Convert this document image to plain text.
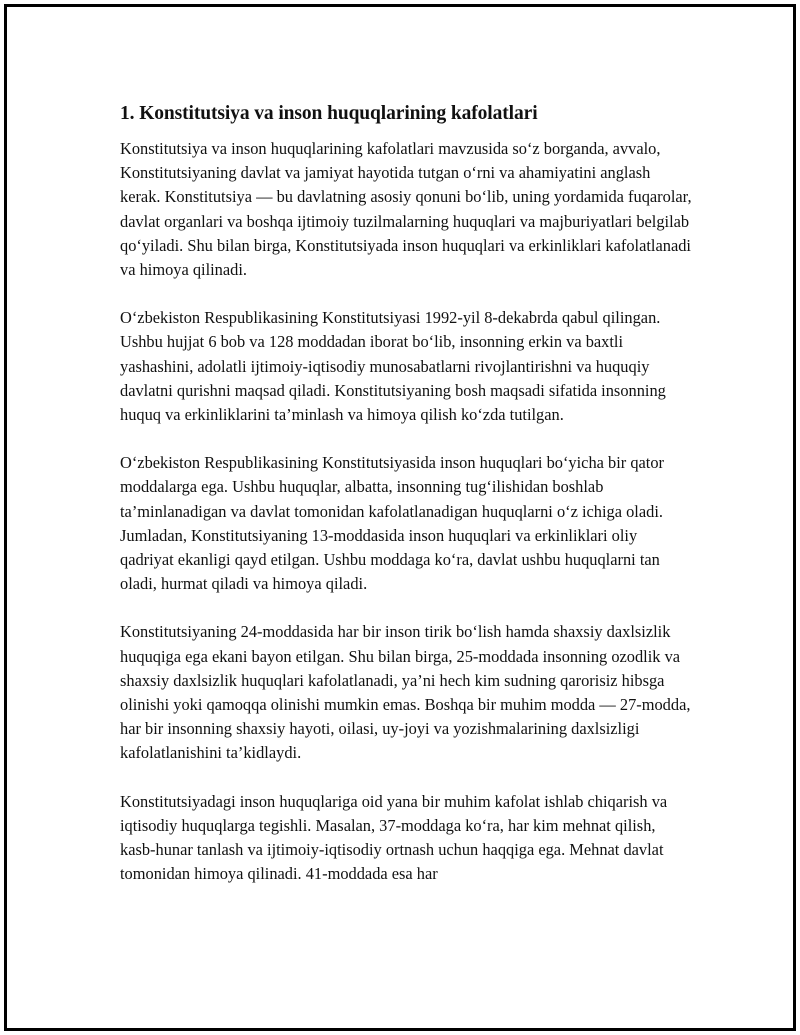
1. Konstitutsiya va inson huquqlarining kafolatlari

Konstitutsiya va inson huquqlarining kafolatlari mavzusida so‘z borganda, avvalo, Konstitutsiyaning davlat va jamiyat hayotida tutgan o‘rni va ahamiyatini anglash kerak. Konstitutsiya — bu davlatning asosiy qonuni bo‘lib, uning yordamida fuqarolar, davlat organlari va boshqa ijtimoiy tuzilmalarning huquqlari va majburiyatlari belgilab qo‘yiladi. Shu bilan birga, Konstitutsiyada inson huquqlari va erkinliklari kafolatlanadi va himoya qilinadi.

O‘zbekiston Respublikasining Konstitutsiyasi 1992-yil 8-dekabrda qabul qilingan. Ushbu hujjat 6 bob va 128 moddadan iborat bo‘lib, insonning erkin va baxtli yashashini, adolatli ijtimoiy-iqtisodiy munosabatlarni rivojlantirishni va huquqiy davlatni qurishni maqsad qiladi. Konstitutsiyaning bosh maqsadi sifatida insonning huquq va erkinliklarini ta’minlash va himoya qilish ko‘zda tutilgan.

O‘zbekiston Respublikasining Konstitutsiyasida inson huquqlari bo‘yicha bir qator moddalarga ega. Ushbu huquqlar, albatta, insonning tug‘ilishidan boshlab ta’minlanadigan va davlat tomonidan kafolatlanadigan huquqlarni o‘z ichiga oladi. Jumladan, Konstitutsiyaning 13-moddasida inson huquqlari va erkinliklari oliy qadriyat ekanligi qayd etilgan. Ushbu moddaga ko‘ra, davlat ushbu huquqlarni tan oladi, hurmat qiladi va himoya qiladi.

Konstitutsiyaning 24-moddasida har bir inson tirik bo‘lish hamda shaxsiy daxlsizlik huquqiga ega ekani bayon etilgan. Shu bilan birga, 25-moddada insonning ozodlik va shaxsiy daxlsizlik huquqlari kafolatlanadi, ya’ni hech kim sudning qarorisiz hibsga olinishi yoki qamoqqa olinishi mumkin emas. Boshqa bir muhim modda — 27-modda, har bir insonning shaxsiy hayoti, oilasi, uy-joyi va yozishmalarining daxlsizligi kafolatlanishini ta’kidlaydi.

Konstitutsiyadagi inson huquqlariga oid yana bir muhim kafolat ishlab chiqarish va iqtisodiy huquqlarga tegishli. Masalan, 37-moddaga ko‘ra, har kim mehnat qilish, kasb-hunar tanlash va ijtimoiy-iqtisodiy ortnash uchun haqqiga ega. Mehnat davlat tomonidan himoya qilinadi. 41-moddada esa har
